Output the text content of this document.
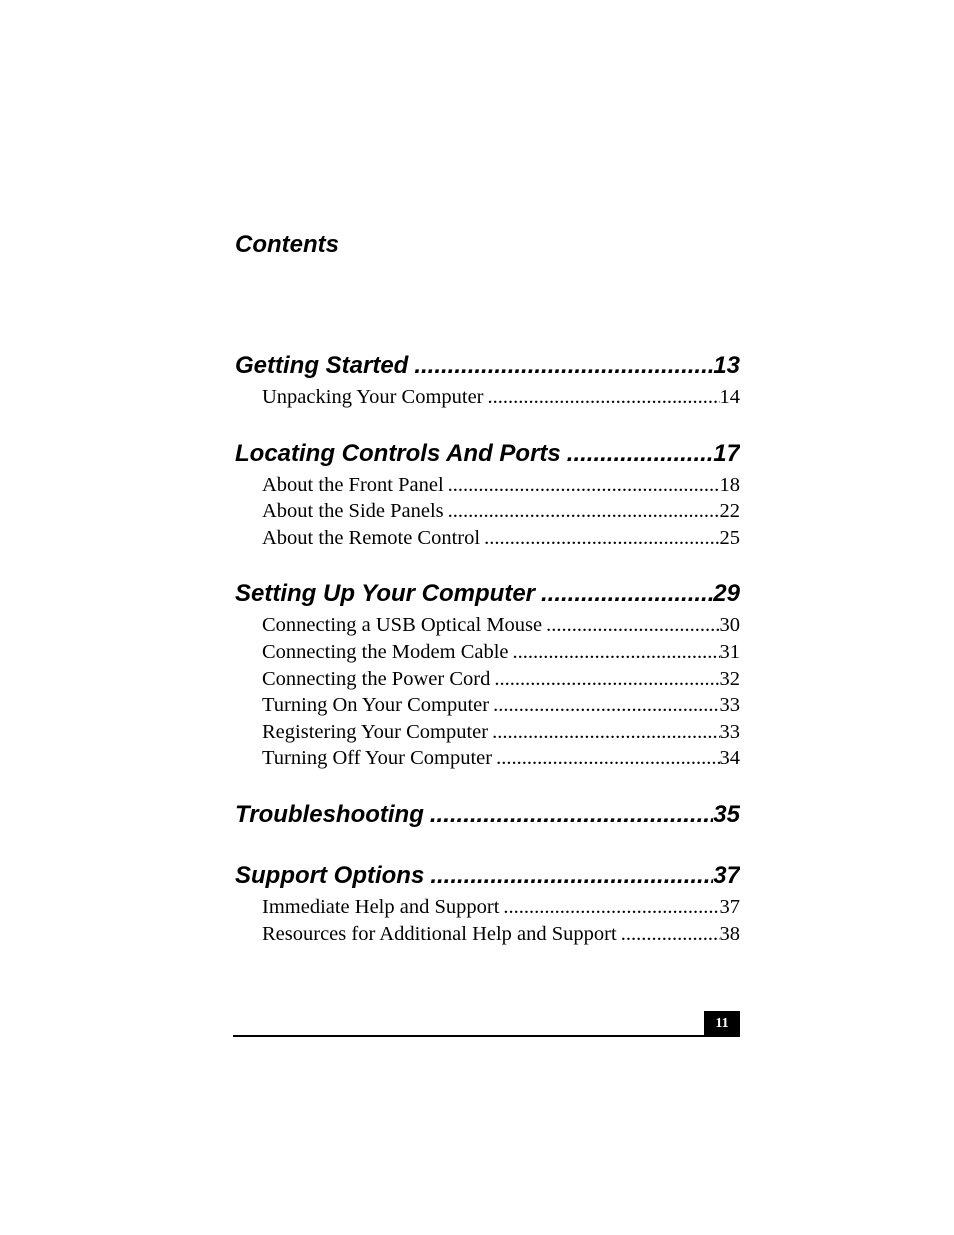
Contents
Getting Started .....	13
Unpacking Your Computer .....	14
Locating Controls And Ports .....	17
About the Front Panel .....	18
About the Side Panels .....	22
About the Remote Control .....	25
Setting Up Your Computer .....	29
Connecting a USB Optical Mouse .....	30
Connecting the Modem Cable .....	31
Connecting the Power Cord .....	32
Turning On Your Computer .....	33
Registering Your Computer .....	33
Turning Off Your Computer .....	34
Troubleshooting .....	35
Support Options .....	37
Immediate Help and Support .....	37
Resources for Additional Help and Support .....	38
11
